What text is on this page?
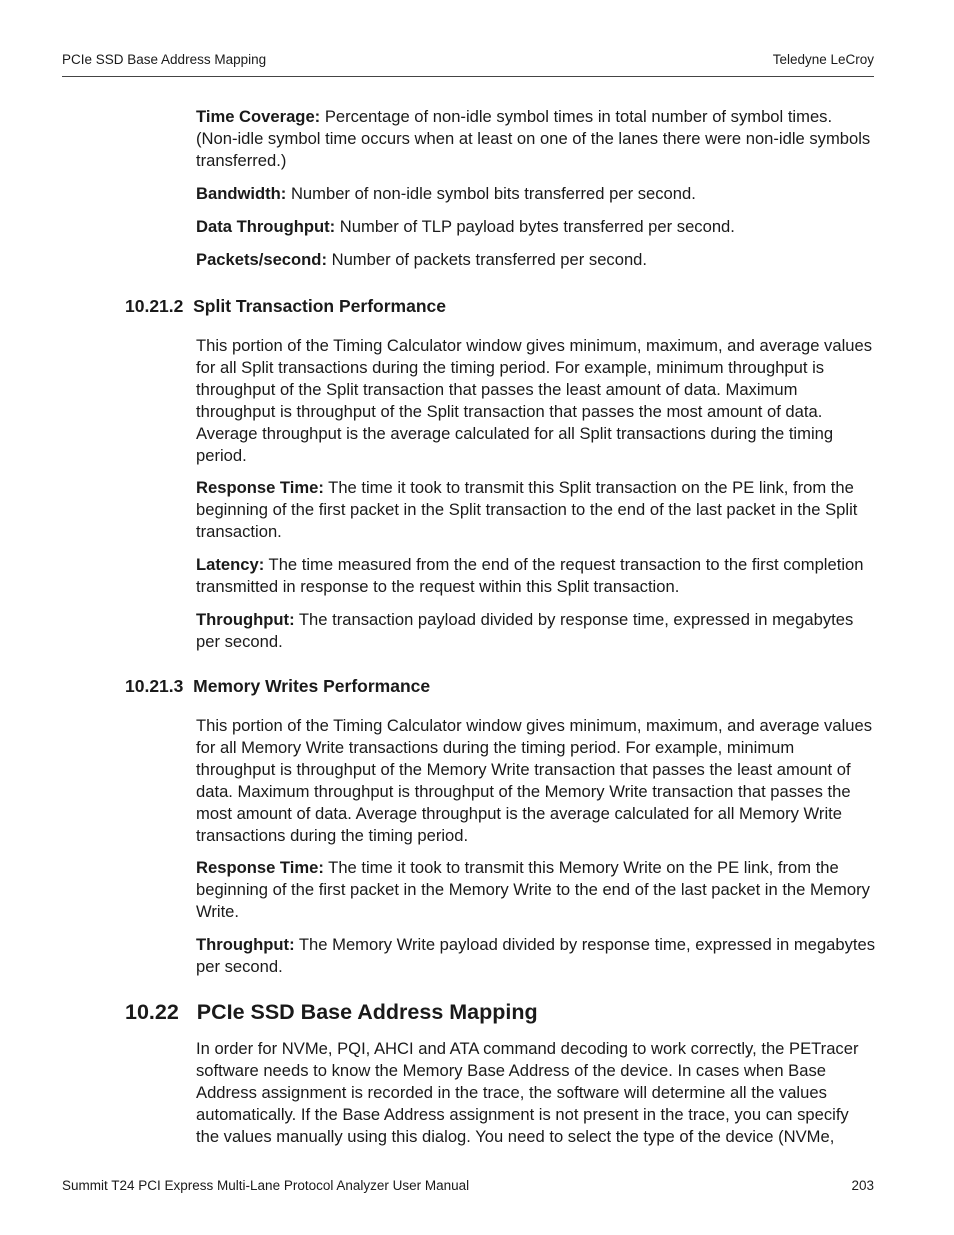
PCIe SSD Base Address Mapping	Teledyne LeCroy

Time Coverage: Percentage of non-idle symbol times in total number of symbol times. (Non-idle symbol time occurs when at least on one of the lanes there were non-idle symbols transferred.)

Bandwidth: Number of non-idle symbol bits transferred per second.

Data Throughput: Number of TLP payload bytes transferred per second.

Packets/second: Number of packets transferred per second.

10.21.2 Split Transaction Performance

This portion of the Timing Calculator window gives minimum, maximum, and average values for all Split transactions during the timing period. For example, minimum throughput is throughput of the Split transaction that passes the least amount of data. Maximum throughput is throughput of the Split transaction that passes the most amount of data. Average throughput is the average calculated for all Split transactions during the timing period.

Response Time: The time it took to transmit this Split transaction on the PE link, from the beginning of the first packet in the Split transaction to the end of the last packet in the Split transaction.

Latency: The time measured from the end of the request transaction to the first completion transmitted in response to the request within this Split transaction.

Throughput: The transaction payload divided by response time, expressed in megabytes per second.

10.21.3 Memory Writes Performance

This portion of the Timing Calculator window gives minimum, maximum, and average values for all Memory Write transactions during the timing period. For example, minimum throughput is throughput of the Memory Write transaction that passes the least amount of data. Maximum throughput is throughput of the Memory Write transaction that passes the most amount of data. Average throughput is the average calculated for all Memory Write transactions during the timing period.

Response Time: The time it took to transmit this Memory Write on the PE link, from the beginning of the first packet in the Memory Write to the end of the last packet in the Memory Write.

Throughput: The Memory Write payload divided by response time, expressed in megabytes per second.

10.22 PCIe SSD Base Address Mapping

In order for NVMe, PQI, AHCI and ATA command decoding to work correctly, the PETracer software needs to know the Memory Base Address of the device. In cases when Base Address assignment is recorded in the trace, the software will determine all the values automatically. If the Base Address assignment is not present in the trace, you can specify the values manually using this dialog. You need to select the type of the device (NVMe,

Summit T24 PCI Express Multi-Lane Protocol Analyzer User Manual	203
